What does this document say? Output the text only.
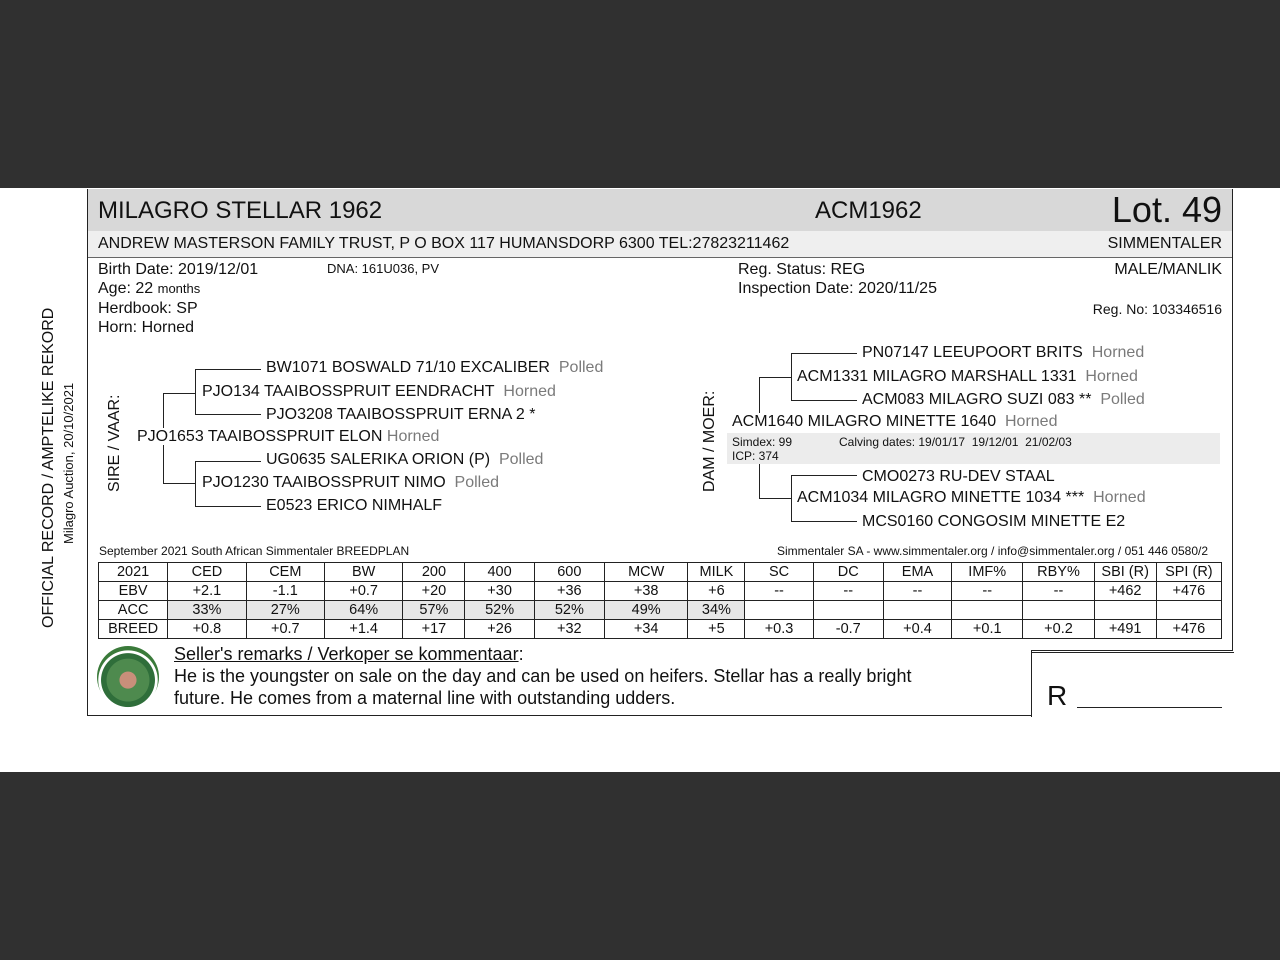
OFFICIAL RECORD / AMPTELIKE REKORD Milagro Auction, 20/10/2021
MILAGRO STELLAR 1962	ACM1962	Lot. 49
ANDREW MASTERSON FAMILY TRUST, P O BOX 117 HUMANSDORP 6300 TEL:27823211462	SIMMENTALER
Birth Date: 2019/12/01	DNA: 161U036, PV
Age: 22 months
Herdbook: SP
Horn: Horned
Reg. Status: REG
Inspection Date: 2020/11/25
MALE/MANLIK
Reg. No: 103346516
SIRE / VAAR:
BW1071 BOSWALD 71/10 EXCALIBER Polled
PJO134 TAAIBOSSPRUIT EENDRACHT Horned
PJO3208 TAAIBOSSPRUIT ERNA 2 *
PJO1653 TAAIBOSSPRUIT ELON Horned
UG0635 SALERIKA ORION (P) Polled
PJO1230 TAAIBOSSPRUIT NIMO Polled
E0523 ERICO NIMHALF
DAM / MOER:
PN07147 LEEUPOORT BRITS Horned
ACM1331 MILAGRO MARSHALL 1331 Horned
ACM083 MILAGRO SUZI 083 ** Polled
ACM1640 MILAGRO MINETTE 1640 Horned
Simdex: 99	Calving dates: 19/01/17  19/12/01  21/02/03
ICP: 374
CMO0273 RU-DEV STAAL
ACM1034 MILAGRO MINETTE 1034 *** Horned
MCS0160 CONGOSIM MINETTE E2
September 2021 South African Simmentaler BREEDPLAN	Simmentaler SA - www.simmentaler.org / info@simmentaler.org / 051 446 0580/2
2021	CED	CEM	BW	200	400	600	MCW	MILK	SC	DC	EMA	IMF%	RBY%	SBI (R)	SPI (R)
EBV	+2.1	-1.1	+0.7	+20	+30	+36	+38	+6	--	--	--	--	--	+462	+476
ACC	33%	27%	64%	57%	52%	52%	49%	34%							
BREED	+0.8	+0.7	+1.4	+17	+26	+32	+34	+5	+0.3	-0.7	+0.4	+0.1	+0.2	+491	+476
Seller's remarks / Verkoper se kommentaar:
He is the youngster on sale on the day and can be used on heifers. Stellar has a really bright
future. He comes from a maternal line with outstanding udders.	R
